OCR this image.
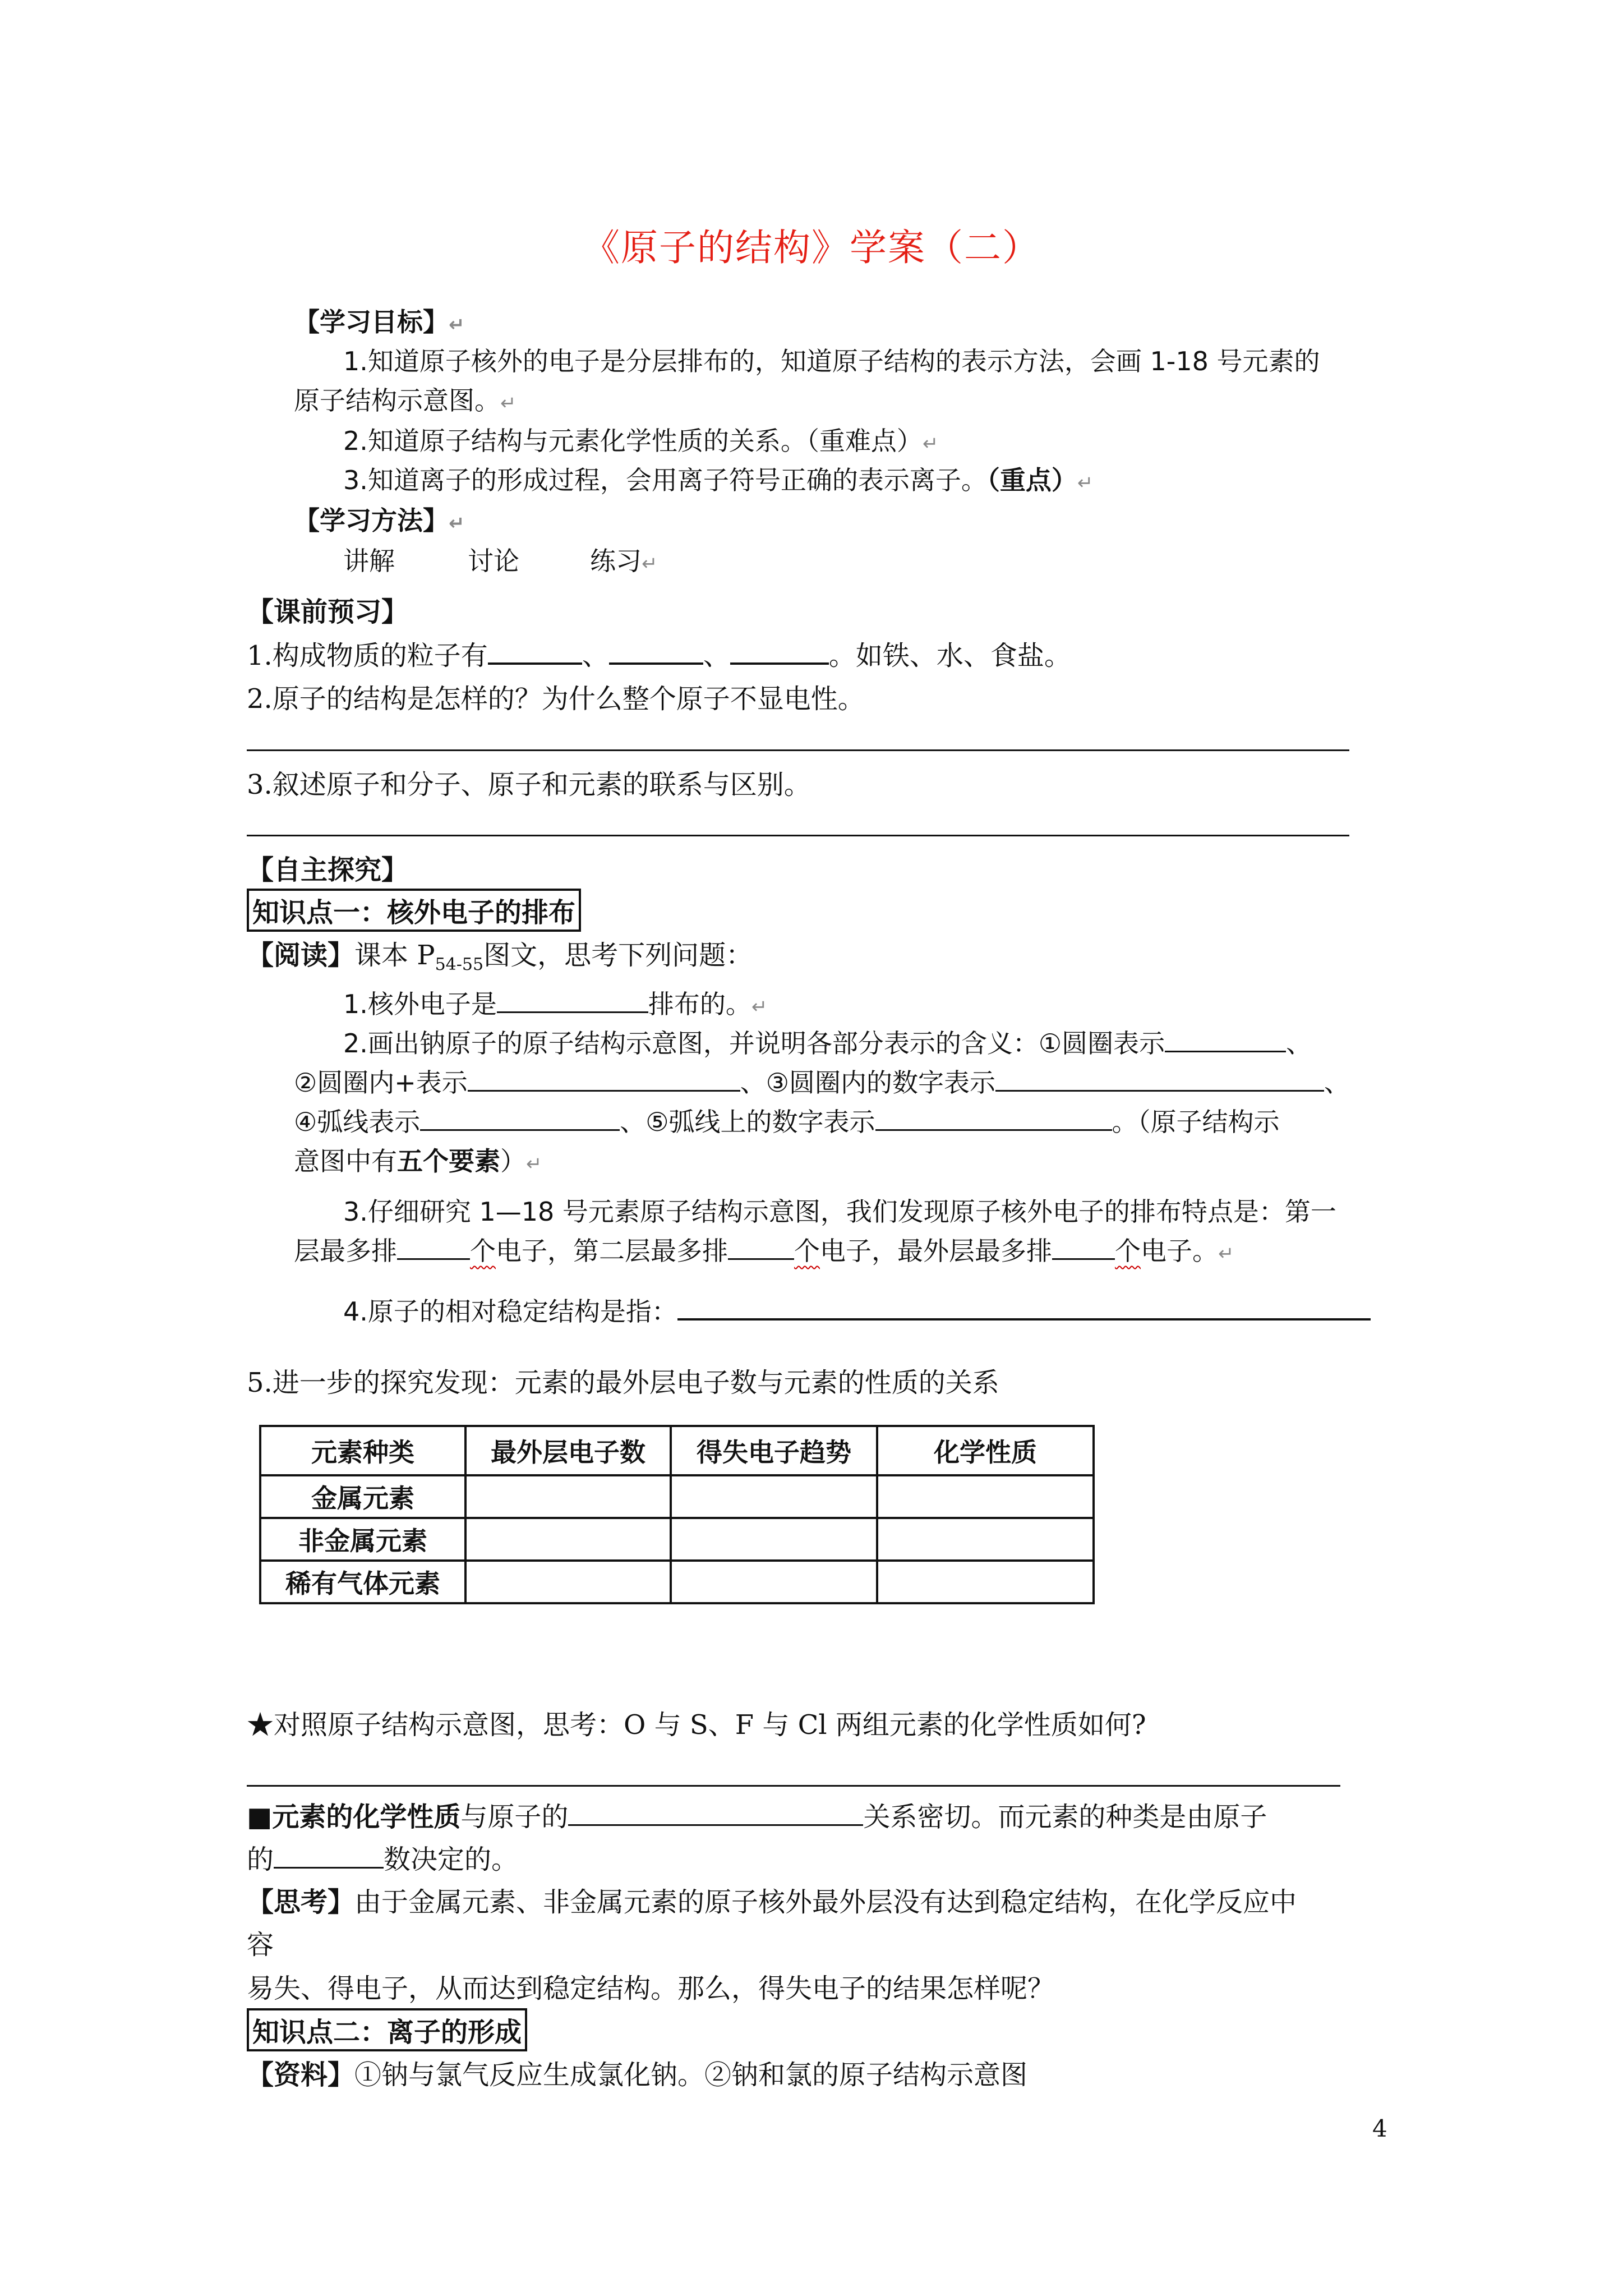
《原子的结构》学案（二）
【学习目标】↵
1.知道原子核外的电子是分层排布的，知道原子结构的表示方法，会画 1-18 号元素的
原子结构示意图。↵
2.知道原子结构与元素化学性质的关系。（重难点）↵
3.知道离子的形成过程，会用离子符号正确的表示离子。（重点）↵
【学习方法】↵
讲解	讨论	练习↵
【课前预习】
1.构成物质的粒子有	、	、	。如铁、水、食盐。
2.原子的结构是怎样的？为什么整个原子不显电性。
3.叙述原子和分子、原子和元素的联系与区别。
【自主探究】
知识点一：核外电子的排布
【阅读】课本 $P_{54-55}$图文，思考下列问题：
1.核外电子是	排布的。↵
2.画出钠原子的原子结构示意图，并说明各部分表示的含义：①圆圈表示	、
②圆圈内+表示	、③圆圈内的数字表示	、
④弧线表示	、⑤弧线上的数字表示	。（原子结构示
意图中有五个要素）↵
3.仔细研究 1—18 号元素原子结构示意图，我们发现原子核外电子的排布特点是：第一
层最多排	个电子，第二层最多排	个电子，最外层最多排 个电子。↵
4.原子的相对稳定结构是指：
5.进一步的探究发现：元素的最外层电子数与元素的性质的关系
元素种类	最外层电子数	得失电子趋势	化学性质
金属元素			
非金属元素			
稀有气体元素			
★对照原子结构示意图，思考：O 与 S、F 与 Cl 两组元素的化学性质如何?
■元素的化学性质与原子的	关系密切。而元素的种类是由原子
的	数决定的。
【思考】由于金属元素、非金属元素的原子核外最外层没有达到稳定结构，在化学反应中
容
易失、得电子，从而达到稳定结构。那么，得失电子的结果怎样呢？
知识点二：离子的形成
【资料】①钠与氯气反应生成氯化钠。②钠和氯的原子结构示意图
4
